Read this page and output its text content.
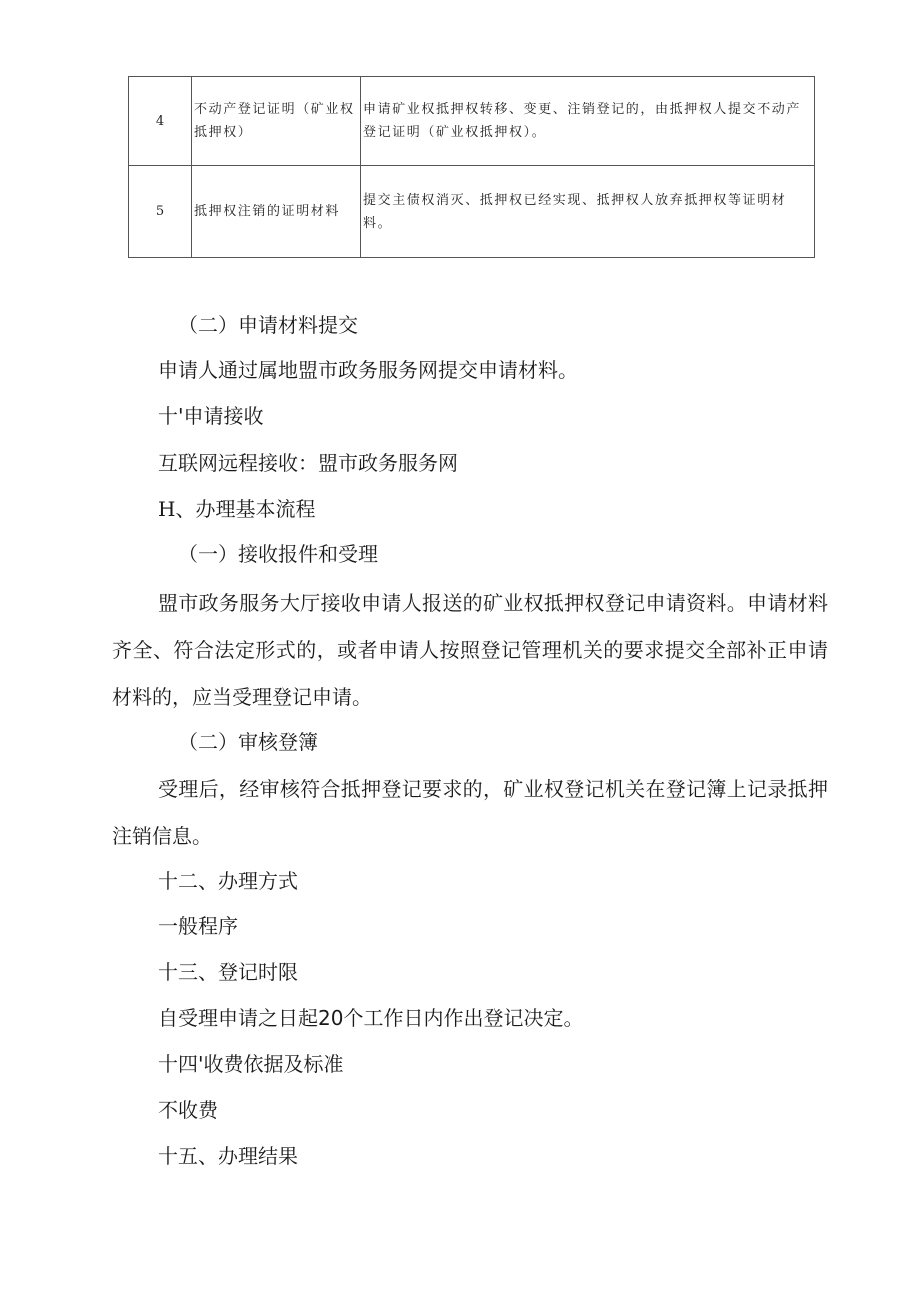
4	不动产登记证明（矿业权抵押权）	申请矿业权抵押权转移、变更、注销登记的，由抵押权人提交不动产登记证明（矿业权抵押权）。
5	抵押权注销的证明材料	提交主债权消灭、抵押权已经实现、抵押权人放弃抵押权等证明材料。

（二）申请材料提交

申请人通过属地盟市政务服务网提交申请材料。

十'申请接收

互联网远程接收：盟市政务服务网

H、办理基本流程

（一）接收报件和受理

盟市政务服务大厅接收申请人报送的矿业权抵押权登记申请资料。申请材料齐全、符合法定形式的，或者申请人按照登记管理机关的要求提交全部补正申请材料的，应当受理登记申请。

（二）审核登簿

受理后，经审核符合抵押登记要求的，矿业权登记机关在登记簿上记录抵押注销信息。

十二、办理方式

一般程序

十三、登记时限

自受理申请之日起20个工作日内作出登记决定。

十四'收费依据及标准

不收费

十五、办理结果
